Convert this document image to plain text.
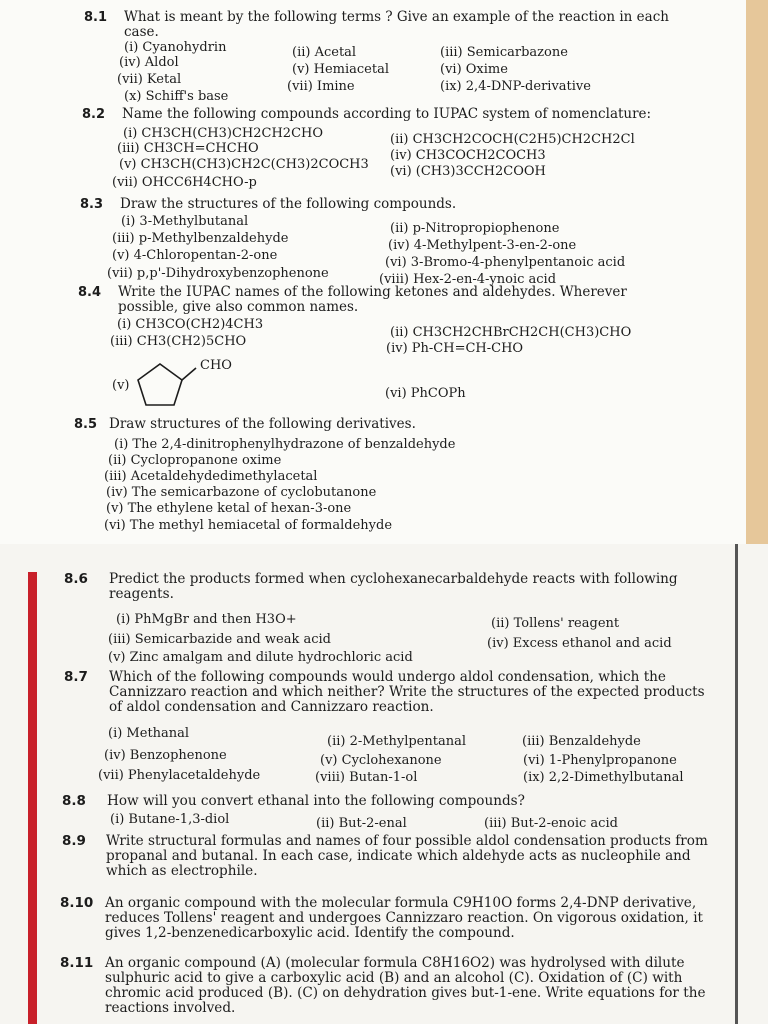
8.1 What is meant by the following terms ? Give an example of the reaction in each case.
(i) Cyanohydrin	(ii) Acetal	(iii) Semicarbazone
(iv) Aldol	(v) Hemiacetal	(vi) Oxime
(vii) Ketal	(vii) Imine	(ix) 2,4-DNP-derivative
(x) Schiff's base
8.2 Name the following compounds according to IUPAC system of nomenclature:
(i) CH3CH(CH3)CH2CH2CHO	(ii) CH3CH2COCH(C2H5)CH2CH2Cl
(iii) CH3CH=CHCHO	(iv) CH3COCH2COCH3
(v) CH3CH(CH3)CH2C(CH3)2COCH3 (vi) (CH3)3CCH2COOH
(vii) OHCC6H4CHO-p
8.3 Draw the structures of the following compounds.
(i) 3-Methylbutanal	(ii) p-Nitropropiophenone
(iii) p-Methylbenzaldehyde	(iv) 4-Methylpent-3-en-2-one
(v) 4-Chloropentan-2-one	(vi) 3-Bromo-4-phenylpentanoic acid
(vii) p,p'-Dihydroxybenzophenone	(viii) Hex-2-en-4-ynoic acid
8.4 Write the IUPAC names of the following ketones and aldehydes. Wherever possible, give also common names.
(i) CH3CO(CH2)4CH3
(ii) CH3CH2CHBrCH2CH(CH3)CHO
(iii) CH3(CH2)5CHO	(iv) Ph-CH=CH-CHO
(v)
CHO
(vi) PhCOPh
8.5 Draw structures of the following derivatives.
(i) The 2,4-dinitrophenylhydrazone of benzaldehyde
(ii) Cyclopropanone oxime
(iii) Acetaldehydedimethylacetal
(iv) The semicarbazone of cyclobutanone
(v) The ethylene ketal of hexan-3-one
(vi) The methyl hemiacetal of formaldehyde
8.6 Predict the products formed when cyclohexanecarbaldehyde reacts with following reagents.
(i) PhMgBr and then H3O+	(ii) Tollens' reagent
(iii) Semicarbazide and weak acid	(iv) Excess ethanol and acid
(v) Zinc amalgam and dilute hydrochloric acid
8.7 Which of the following compounds would undergo aldol condensation, which the Cannizzaro reaction and which neither? Write the structures of the expected products of aldol condensation and Cannizzaro reaction.
(i) Methanal
(ii) 2-Methylpentanal	(iii) Benzaldehyde
(iv) Benzophenone	(v) Cyclohexanone	(vi) 1-Phenylpropanone
(vii) Phenylacetaldehyde	(viii) Butan-1-ol	(ix) 2,2-Dimethylbutanal
8.8 How will you convert ethanal into the following compounds?
(i) Butane-1,3-diol	(ii) But-2-enal	(iii) But-2-enoic acid
8.9 Write structural formulas and names of four possible aldol condensation products from propanal and butanal. In each case, indicate which aldehyde acts as nucleophile and which as electrophile.
8.10 An organic compound with the molecular formula C9H10O forms 2,4-DNP derivative, reduces Tollens' reagent and undergoes Cannizzaro reaction. On vigorous oxidation, it gives 1,2-benzenedicarboxylic acid. Identify the compound.
8.11 An organic compound (A) (molecular formula C8H16O2) was hydrolysed with dilute sulphuric acid to give a carboxylic acid (B) and an alcohol (C). Oxidation of (C) with chromic acid produced (B). (C) on dehydration gives but-1-ene. Write equations for the reactions involved.
